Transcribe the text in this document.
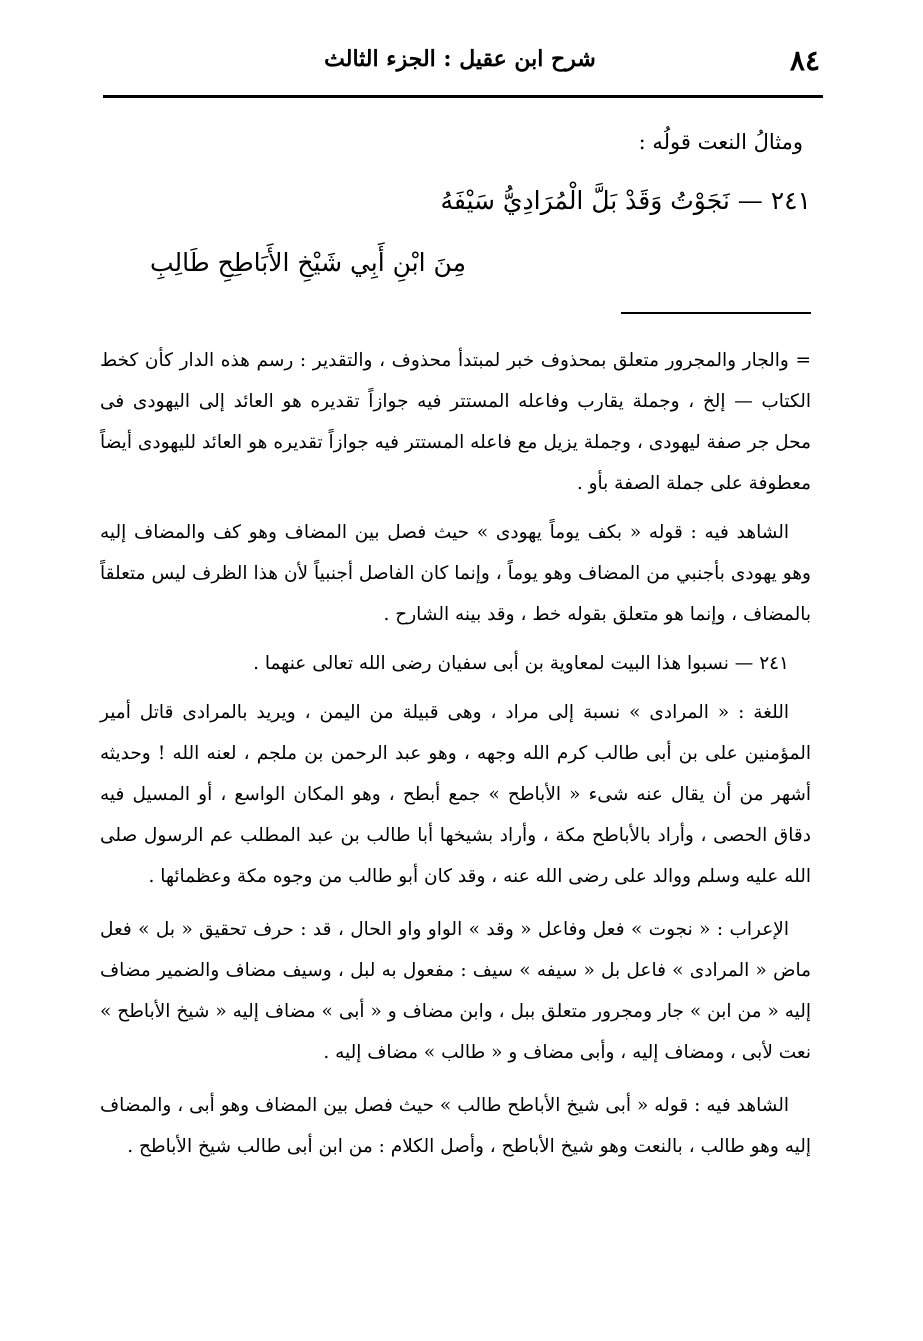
٨٤
شرح ابن عقيل : الجزء الثالث
ومثالُ النعت قولُه :
٢٤١ — نَجَوْتُ وَقَدْ بَلَّ الْمُرَادِيُّ سَيْفَهُ
مِنَ ابْنِ أَبِي شَيْخِ الأَبَاطِحِ طَالِبِ

= والجار والمجرور متعلق بمحذوف خبر لمبتدأ محذوف ، والتقدير : رسم هذه الدار كأن كخط الكتاب — إلخ ، وجملة يقارب وفاعله المستتر فيه جوازاً تقديره هو العائد إلى اليهودى فى محل جر صفة ليهودى ، وجملة يزيل مع فاعله المستتر فيه جوازاً تقديره هو العائد لليهودى أيضاً معطوفة على جملة الصفة بأو .

الشاهد فيه : قوله « بكف يوماً يهودى » حيث فصل بين المضاف وهو كف والمضاف إليه وهو يهودى بأجنبي من المضاف وهو يوماً ، وإنما كان الفاصل أجنبياً لأن هذا الظرف ليس متعلقاً بالمضاف ، وإنما هو متعلق بقوله خط ، وقد بينه الشارح .

٢٤١ — نسبوا هذا البيت لمعاوية بن أبى سفيان رضى الله تعالى عنهما .

اللغة : « المرادى » نسبة إلى مراد ، وهى قبيلة من اليمن ، ويريد بالمرادى قاتل أمير المؤمنين على بن أبى طالب كرم الله وجهه ، وهو عبد الرحمن بن ملجم ، لعنه الله ! وحديثه أشهر من أن يقال عنه شىء « الأباطح » جمع أبطح ، وهو المكان الواسع ، أو المسيل فيه دقاق الحصى ، وأراد بالأباطح مكة ، وأراد بشيخها أبا طالب بن عبد المطلب عم الرسول صلى الله عليه وسلم ووالد على رضى الله عنه ، وقد كان أبو طالب من وجوه مكة وعظمائها .

الإعراب : « نجوت » فعل وفاعل « وقد » الواو واو الحال ، قد : حرف تحقيق « بل » فعل ماض « المرادى » فاعل بل « سيفه » سيف : مفعول به لبل ، وسيف مضاف والضمير مضاف إليه « من ابن » جار ومجرور متعلق ببل ، وابن مضاف و « أبى » مضاف إليه « شيخ الأباطح » نعت لأبى ، ومضاف إليه ، وأبى مضاف و « طالب » مضاف إليه .

الشاهد فيه : قوله « أبى شيخ الأباطح طالب » حيث فصل بين المضاف وهو أبى ، والمضاف إليه وهو طالب ، بالنعت وهو شيخ الأباطح ، وأصل الكلام : من ابن أبى طالب شيخ الأباطح .
